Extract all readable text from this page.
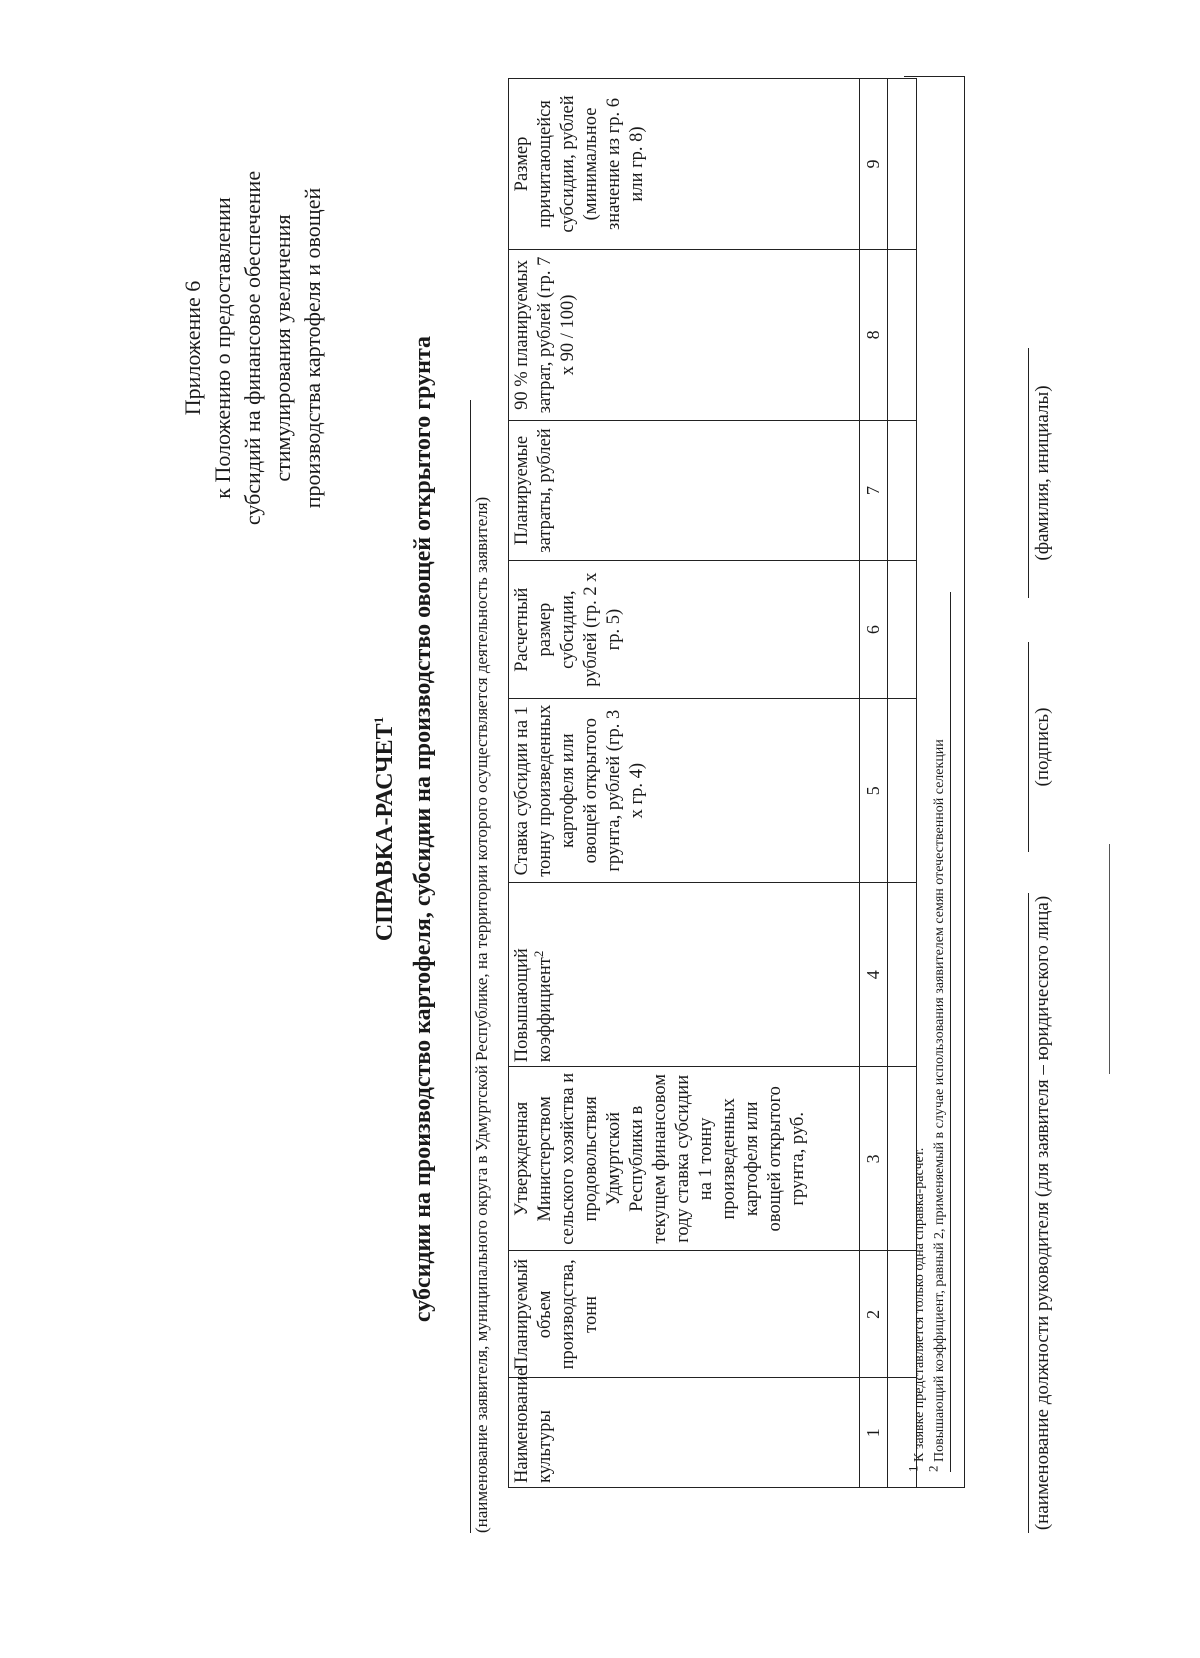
Приложение 6 к Положению о предоставлении субсидий на финансовое обеспечение стимулирования увеличения производства картофеля и овощей
СПРАВКА-РАСЧЕТ$^1$	субсидии на производство картофеля, субсидии на производство овощей открытого грунта (наименование заявителя, муниципального округа в Удмуртской Республике, на территории которого осуществляется деятельность заявителя) Наименование культуры	Планируемый объем производства, тонн	Утвержденная Министерством сельского хозяйства и продовольствия Удмуртской Республики в текущем финансовом году ставка субсидии на 1 тонну произведенных картофеля или овощей открытого грунта, руб.	Повышающий коэффициент$^2$	Ставка субсидии на 1 тонну произведенных картофеля или овощей открытого грунта, рублей (гр. 3 х гр. 4)	Расчетный размер субсидии, рублей (гр. 2 х гр. 5)	Планируемые затраты, рублей	90 % планируемых затрат, рублей (гр. 7 х 90 / 100)	Размер причитающейся субсидии, рублей (минимальное значение из гр. 6 или гр. 8)
1	2	3	4	5	6	7	8	9

$^1$ К заявке представляется только одна справка-расчет.
$^2$ Повышающий коэффициент, равный 2, применяемый в случае использования заявителем семян отечественной селекции	(наименование должности руководителя (для заявителя – юридического лица)
(подпись)
(фамилия, инициалы)
